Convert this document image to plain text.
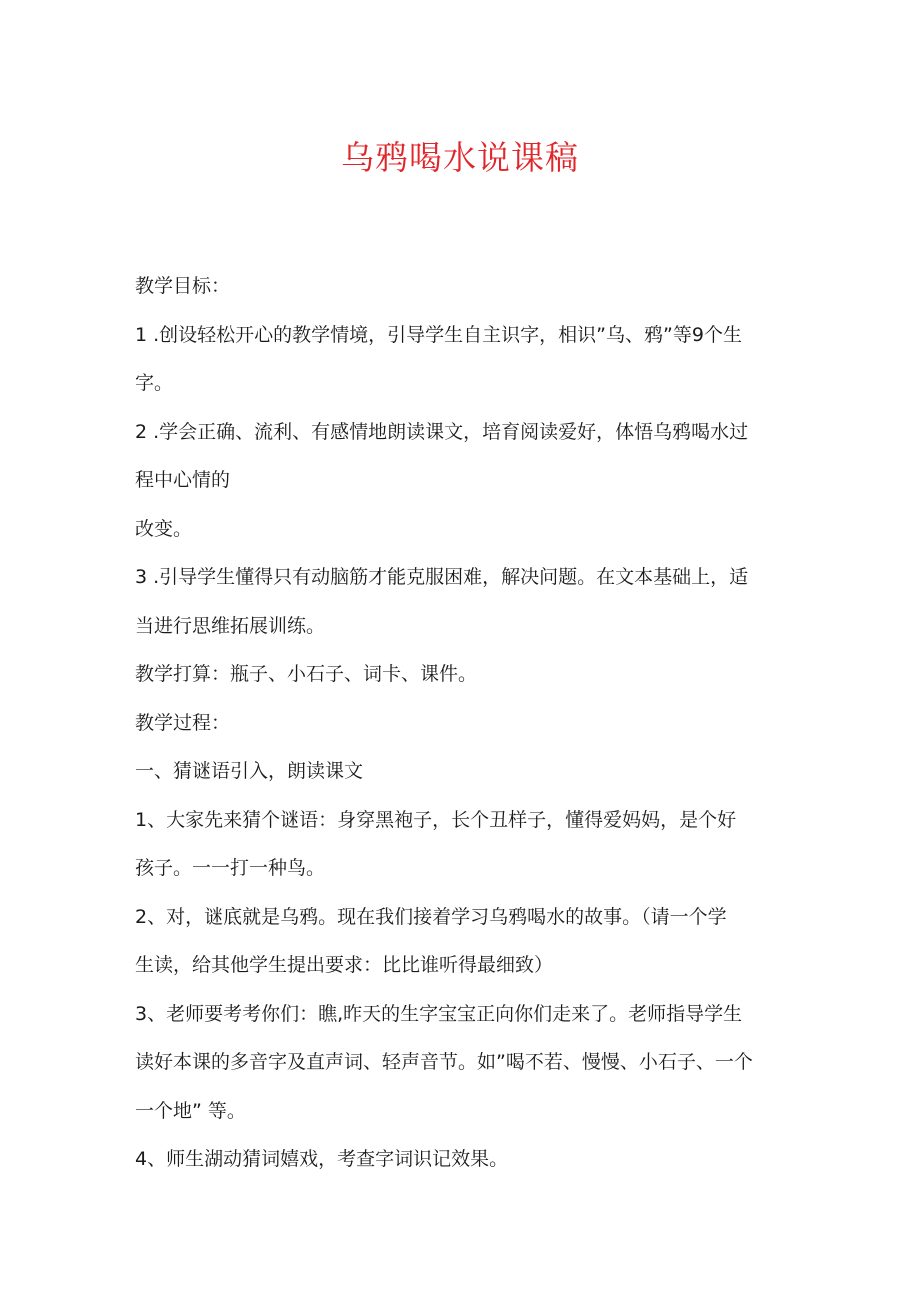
乌鸦喝水说课稿
教学目标：
1 .创设轻松开心的教学情境，引导学生自主识字，相识”乌、鸦”等9个生
字。
2 .学会正确、流利、有感情地朗读课文，培育阅读爱好，体悟乌鸦喝水过
程中心情的
改变。
3 .引导学生懂得只有动脑筋才能克服困难，解决问题。在文本基础上，适
当进行思维拓展训练。
教学打算：瓶子、小石子、词卡、课件。
教学过程：
一、猜谜语引入，朗读课文
1、大家先来猜个谜语：身穿黑袍子，长个丑样子，懂得爱妈妈，是个好
孩子。一一打一种鸟。
2、对，谜底就是乌鸦。现在我们接着学习乌鸦喝水的故事。（请一个学
生读，给其他学生提出要求：比比谁听得最细致）
3、老师要考考你们：瞧,昨天的生字宝宝正向你们走来了。老师指导学生
读好本课的多音字及直声词、轻声音节。如”喝不若、慢慢、小石子、一个
一个地” 等。
4、师生湖动猜词嬉戏，考查字词识记效果。
